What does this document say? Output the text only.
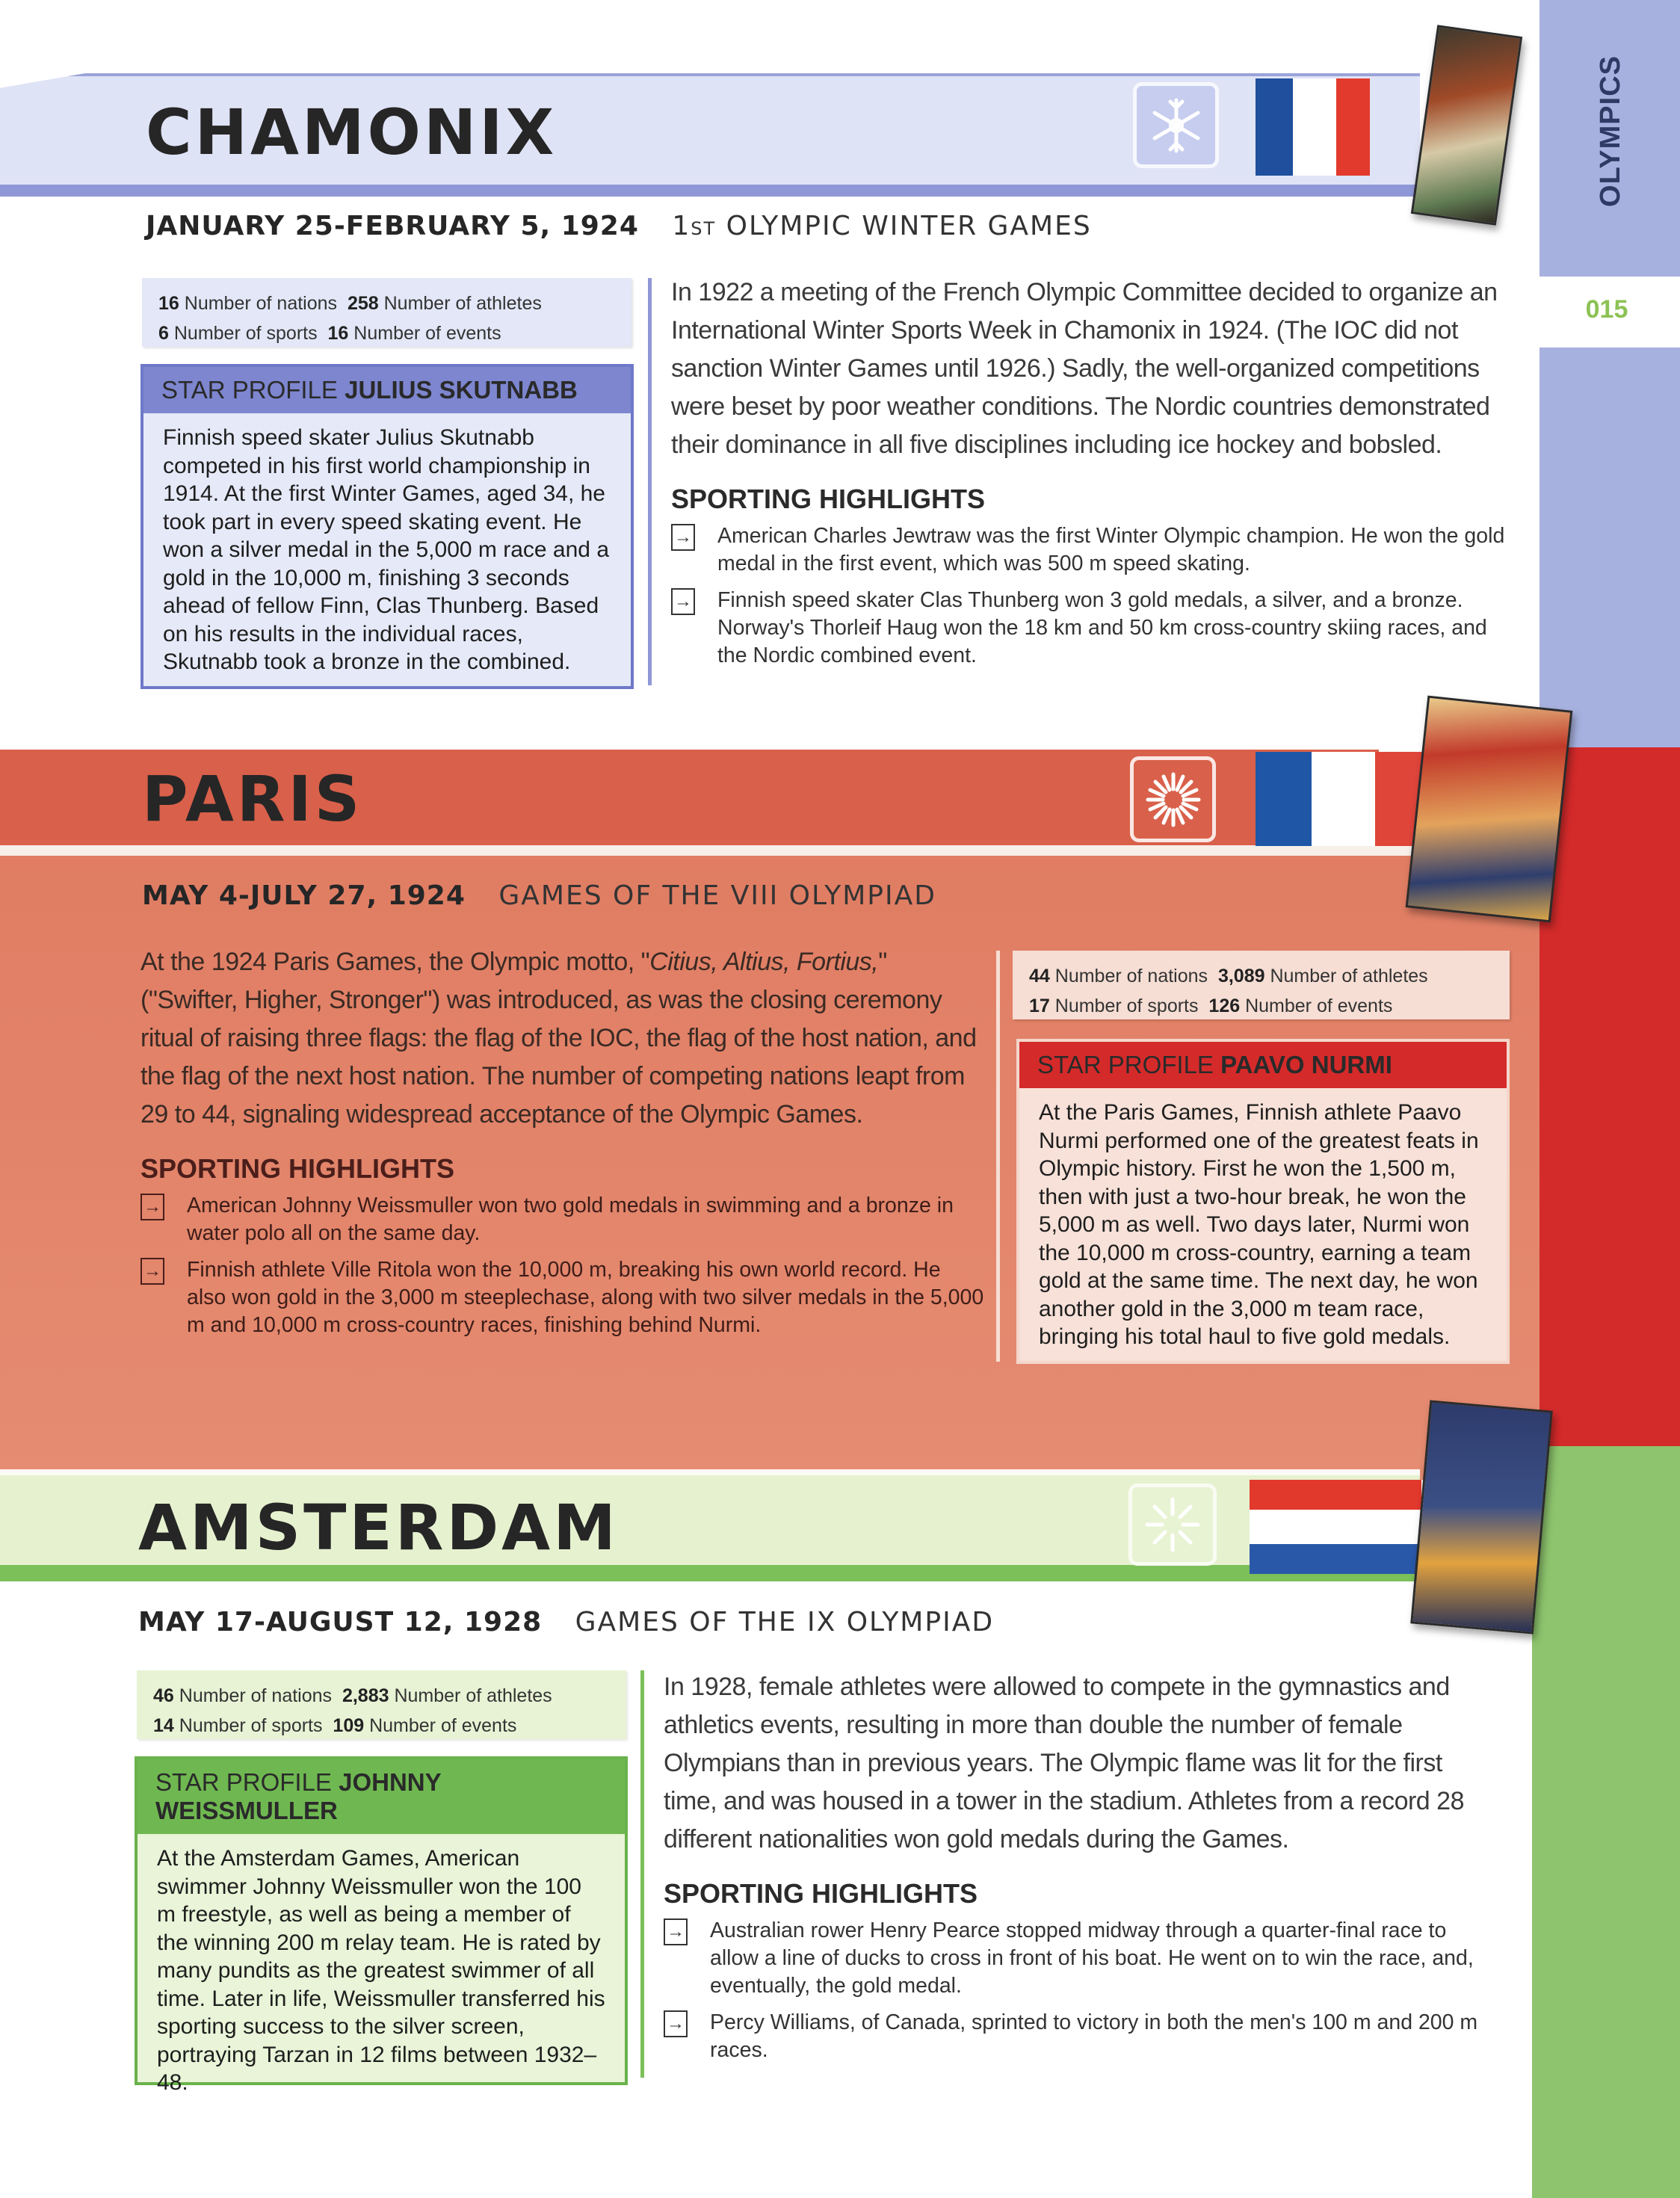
OLYMPICS
015
CHAMONIX
JANUARY 25-FEBRUARY 5, 1924 1ST OLYMPIC WINTER GAMES
16 Number of nations 258 Number of athletes
6 Number of sports 16 Number of events
STAR PROFILE JULIUS SKUTNABB
Finnish speed skater Julius Skutnabb competed in his first world championship in 1914. At the first Winter Games, aged 34, he took part in every speed skating event. He won a silver medal in the 5,000 m race and a gold in the 10,000 m, finishing 3 seconds ahead of fellow Finn, Clas Thunberg. Based on his results in the individual races, Skutnabb took a bronze in the combined.
In 1922 a meeting of the French Olympic Committee decided to organize an International Winter Sports Week in Chamonix in 1924. (The IOC did not sanction Winter Games until 1926.) Sadly, the well-organized competitions were beset by poor weather conditions. The Nordic countries demonstrated their dominance in all five disciplines including ice hockey and bobsled.
SPORTING HIGHLIGHTS
→ American Charles Jewtraw was the first Winter Olympic champion. He won the gold medal in the first event, which was 500 m speed skating.
→ Finnish speed skater Clas Thunberg won 3 gold medals, a silver, and a bronze. Norway's Thorleif Haug won the 18 km and 50 km cross-country skiing races, and the Nordic combined event.
PARIS
MAY 4-JULY 27, 1924 GAMES OF THE VIII OLYMPIAD
At the 1924 Paris Games, the Olympic motto, "Citius, Altius, Fortius," ("Swifter, Higher, Stronger") was introduced, as was the closing ceremony ritual of raising three flags: the flag of the IOC, the flag of the host nation, and the flag of the next host nation. The number of competing nations leapt from 29 to 44, signaling widespread acceptance of the Olympic Games.
SPORTING HIGHLIGHTS
→ American Johnny Weissmuller won two gold medals in swimming and a bronze in water polo all on the same day.
→ Finnish athlete Ville Ritola won the 10,000 m, breaking his own world record. He also won gold in the 3,000 m steeplechase, along with two silver medals in the 5,000 m and 10,000 m cross-country races, finishing behind Nurmi.
44 Number of nations 3,089 Number of athletes
17 Number of sports 126 Number of events
STAR PROFILE PAAVO NURMI
At the Paris Games, Finnish athlete Paavo Nurmi performed one of the greatest feats in Olympic history. First he won the 1,500 m, then with just a two-hour break, he won the 5,000 m as well. Two days later, Nurmi won the 10,000 m cross-country, earning a team gold at the same time. The next day, he won another gold in the 3,000 m team race, bringing his total haul to five gold medals.
AMSTERDAM
MAY 17-AUGUST 12, 1928 GAMES OF THE IX OLYMPIAD
46 Number of nations 2,883 Number of athletes
14 Number of sports 109 Number of events
STAR PROFILE JOHNNY WEISSMULLER
At the Amsterdam Games, American swimmer Johnny Weissmuller won the 100 m freestyle, as well as being a member of the winning 200 m relay team. He is rated by many pundits as the greatest swimmer of all time. Later in life, Weissmuller transferred his sporting success to the silver screen, portraying Tarzan in 12 films between 1932–48.
In 1928, female athletes were allowed to compete in the gymnastics and athletics events, resulting in more than double the number of female Olympians than in previous years. The Olympic flame was lit for the first time, and was housed in a tower in the stadium. Athletes from a record 28 different nationalities won gold medals during the Games.
SPORTING HIGHLIGHTS
→ Australian rower Henry Pearce stopped midway through a quarter-final race to allow a line of ducks to cross in front of his boat. He went on to win the race, and, eventually, the gold medal.
→ Percy Williams, of Canada, sprinted to victory in both the men's 100 m and 200 m races.
